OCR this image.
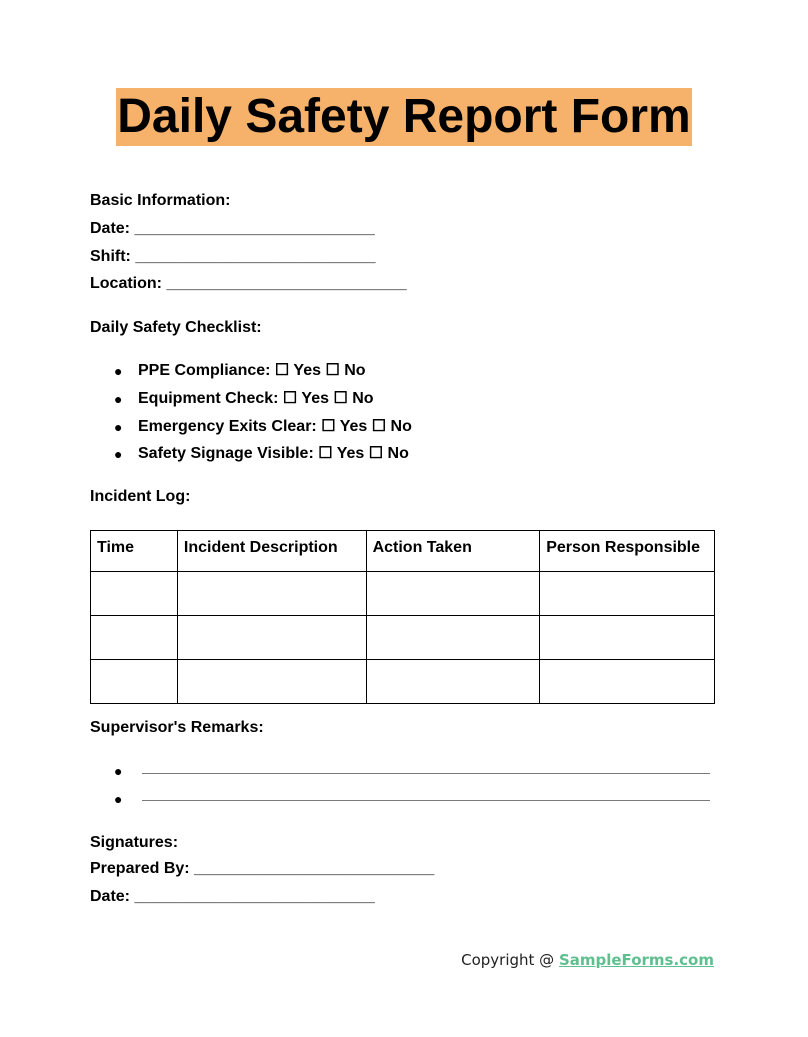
Daily Safety Report Form
Basic Information:
Date: ___________________________
Shift: ___________________________
Location: ___________________________
Daily Safety Checklist:
● PPE Compliance: ☐ Yes ☐ No
● Equipment Check: ☐ Yes ☐ No
● Emergency Exits Clear: ☐ Yes ☐ No
● Safety Signage Visible: ☐ Yes ☐ No
Incident Log:
Time	Incident Description	Action Taken	Person Responsible

Supervisor's Remarks:
●
●
Signatures:
Prepared By: ___________________________
Date: ___________________________
Copyright @ SampleForms.com
